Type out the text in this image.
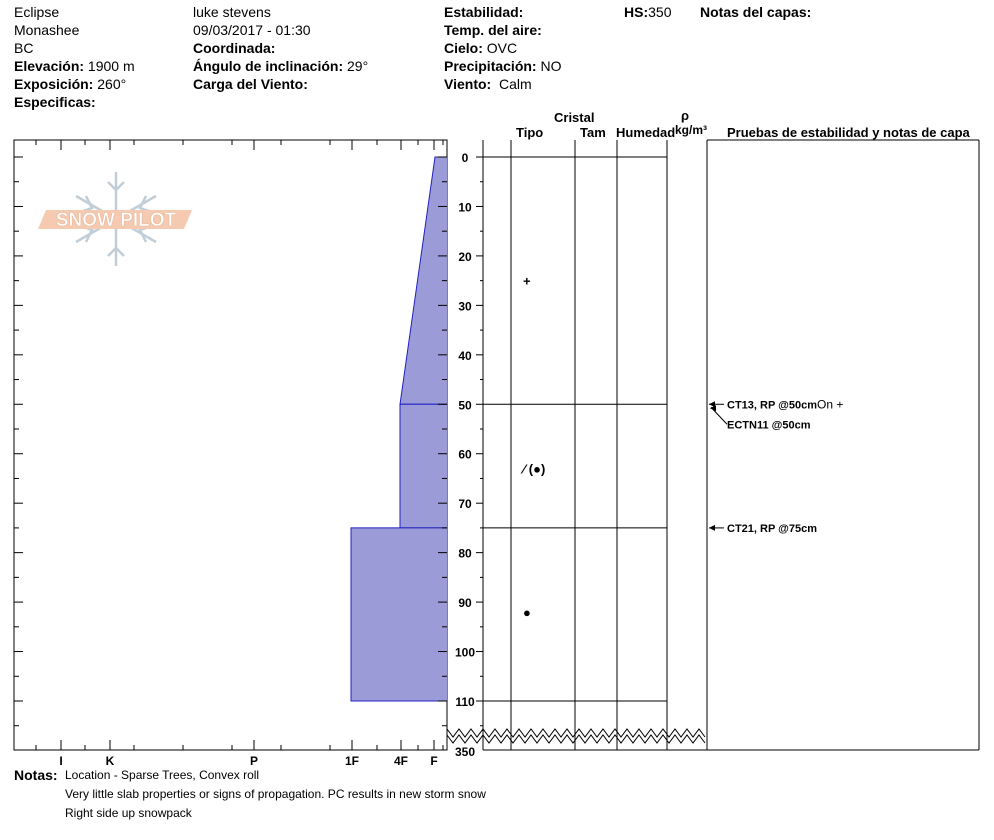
Eclipse
Monashee
BC
Elevación: 1900 m
Exposición: 260°
Especificas:
luke stevens
09/03/2017 - 01:30
Coordinada:
Ángulo de inclinación: 29°
Carga del Viento:
Estabilidad:
Temp. del aire:
Cielo: OVC
Precipitación: NO
Viento: Calm
HS:350 Notas del capas:
Cristal
Tipo	Tam Humedad
ρ
kg/m³ Pruebas de estabilidad y notas de capa
SNOW PILOT
I	K	P	1F	4F F
0
10
20
30
40
50
60
70
80
90
100
110
350
+
⁄ (●)
●
CT13, RP @50cm On +
ECTN11 @50cm
CT21, RP @75cm
Notas: Location - Sparse Trees, Convex roll
Very little slab properties or signs of propagation. PC results in new storm snow
Right side up snowpack
